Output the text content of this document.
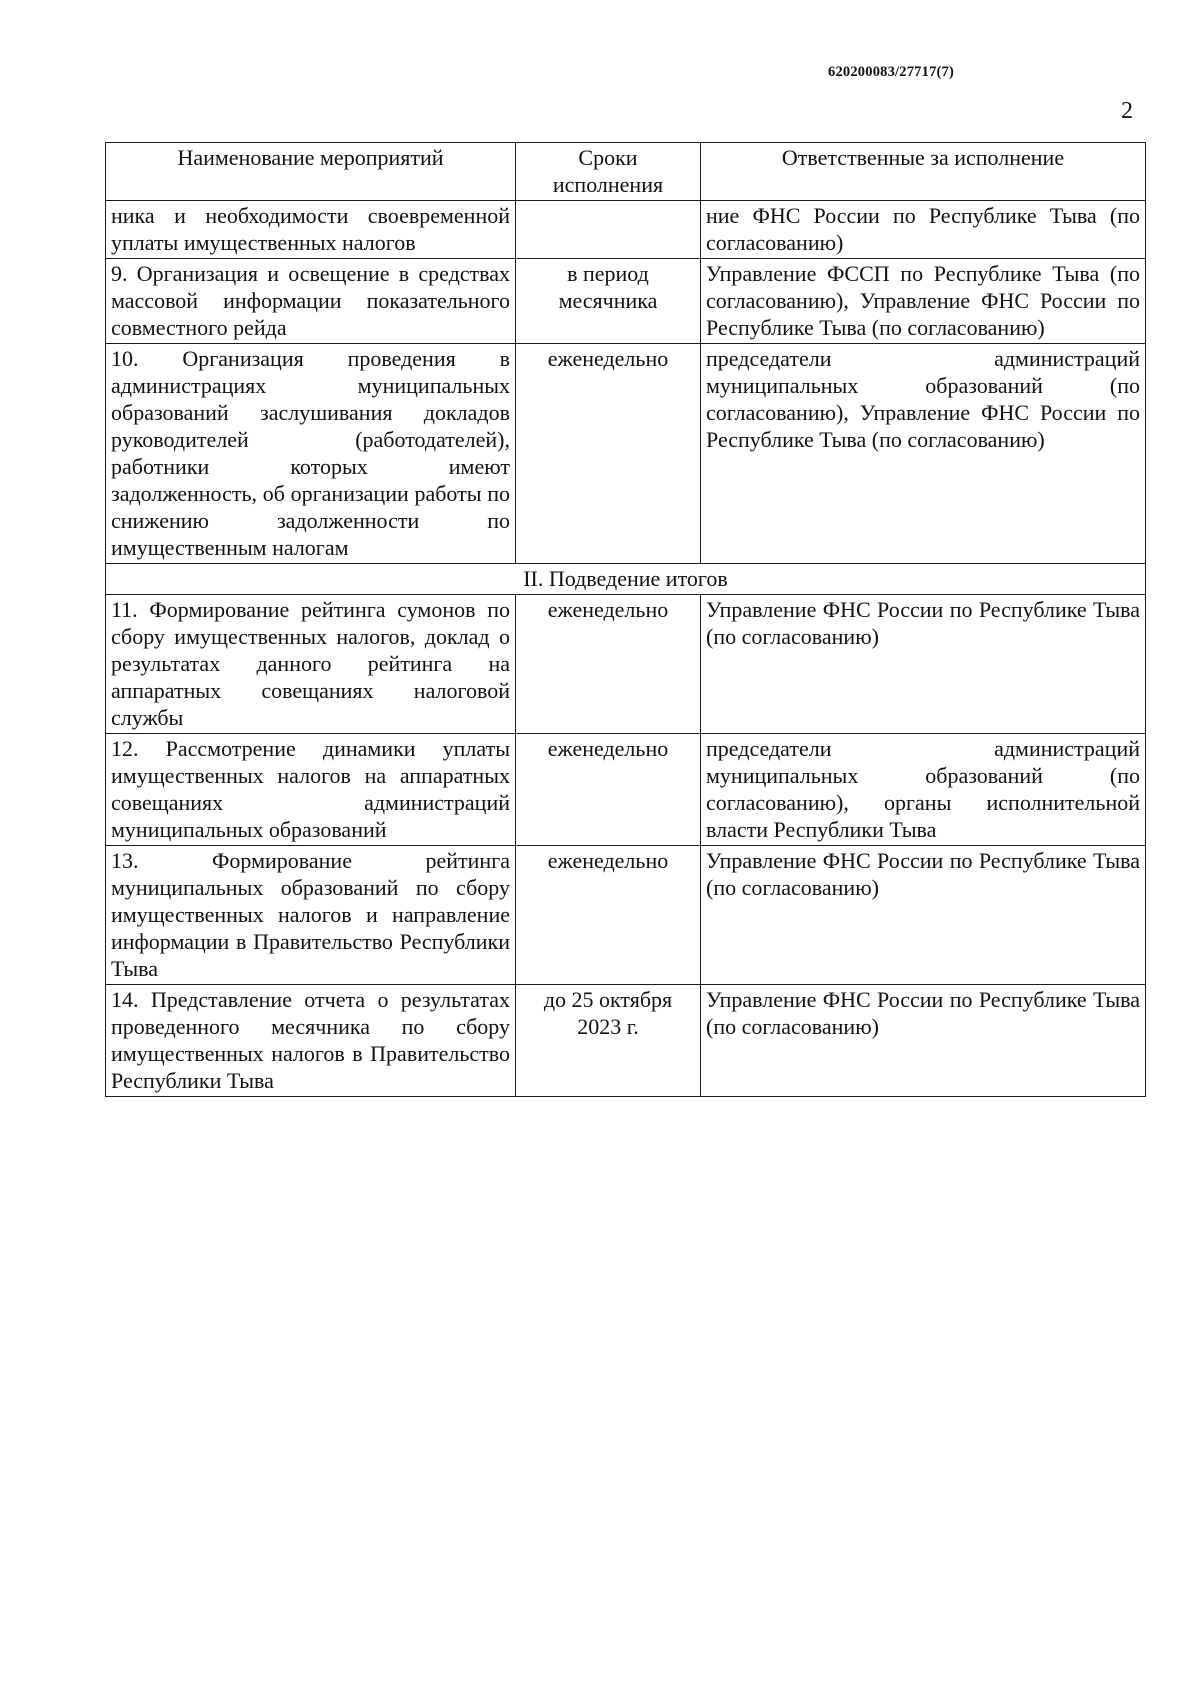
620200083/27717(7)
2
Наименование мероприятий	Сроки исполнения	Ответственные за исполнение
ника и необходимости своевременной уплаты имущественных налогов		ние ФНС России по Республике Тыва (по согласованию)
9. Организация и освещение в средствах массовой информации показательного совместного рейда	в период месячника	Управление ФССП по Республике Тыва (по согласованию), Управление ФНС России по Республике Тыва (по согласованию)
10. Организация проведения в администрациях муниципальных образований заслушивания докладов руководителей (работодателей), работники которых имеют задолженность, об организации работы по снижению задолженности по имущественным налогам	еженедельно	председатели администраций муниципальных образований (по согласованию), Управление ФНС России по Республике Тыва (по согласованию)
II. Подведение итогов		
11. Формирование рейтинга сумонов по сбору имущественных налогов, доклад о результатах данного рейтинга на аппаратных совещаниях налоговой службы	еженедельно	Управление ФНС России по Республике Тыва (по согласованию)
12. Рассмотрение динамики уплаты имущественных налогов на аппаратных совещаниях администраций муниципальных образований	еженедельно	председатели администраций муниципальных образований (по согласованию), органы исполнительной власти Республики Тыва
13. Формирование рейтинга муниципальных образований по сбору имущественных налогов и направление информации в Правительство Республики Тыва	еженедельно	Управление ФНС России по Республике Тыва (по согласованию)
14. Представление отчета о результатах проведенного месячника по сбору имущественных налогов в Правительство Республики Тыва	до 25 октября 2023 г.	Управление ФНС России по Республике Тыва (по согласованию)
